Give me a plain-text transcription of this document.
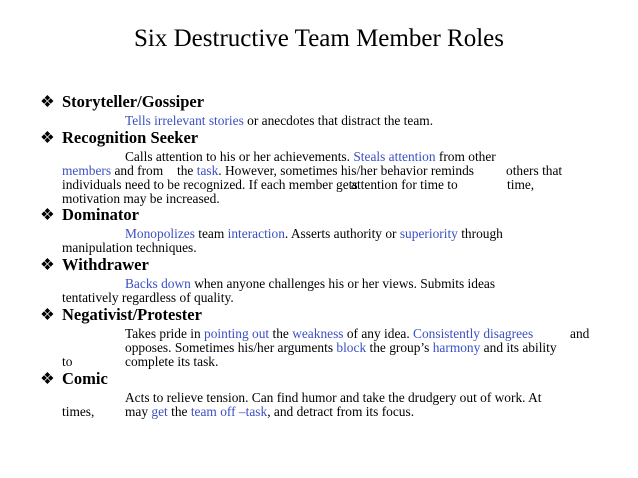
Six Destructive Team Member Roles
❖ Storyteller/Gossiper
Tells irrelevant stories or anecdotes that distract the team.
❖ Recognition Seeker
Calls attention to his or her achievements. Steals attention from other
members and from the task. However, sometimes his/her behavior reminds others that
individuals need to be recognized. If each member gets
attention for time to	time,
motivation may be increased.
❖ Dominator
Monopolizes team interaction. Asserts authority or superiority through
manipulation techniques.
❖ Withdrawer
Backs down when anyone challenges his or her views. Submits ideas
tentatively regardless of quality.
❖ Negativist/Protester
Takes pride in pointing out the weakness of any idea. Consistently disagrees	and
opposes. Sometimes his/her arguments block the group’s harmony and its ability
to	complete its task.
❖ Comic
Acts to relieve tension. Can find humor and take the drudgery out of work. At
times, may get the team off –task, and detract from its focus.
